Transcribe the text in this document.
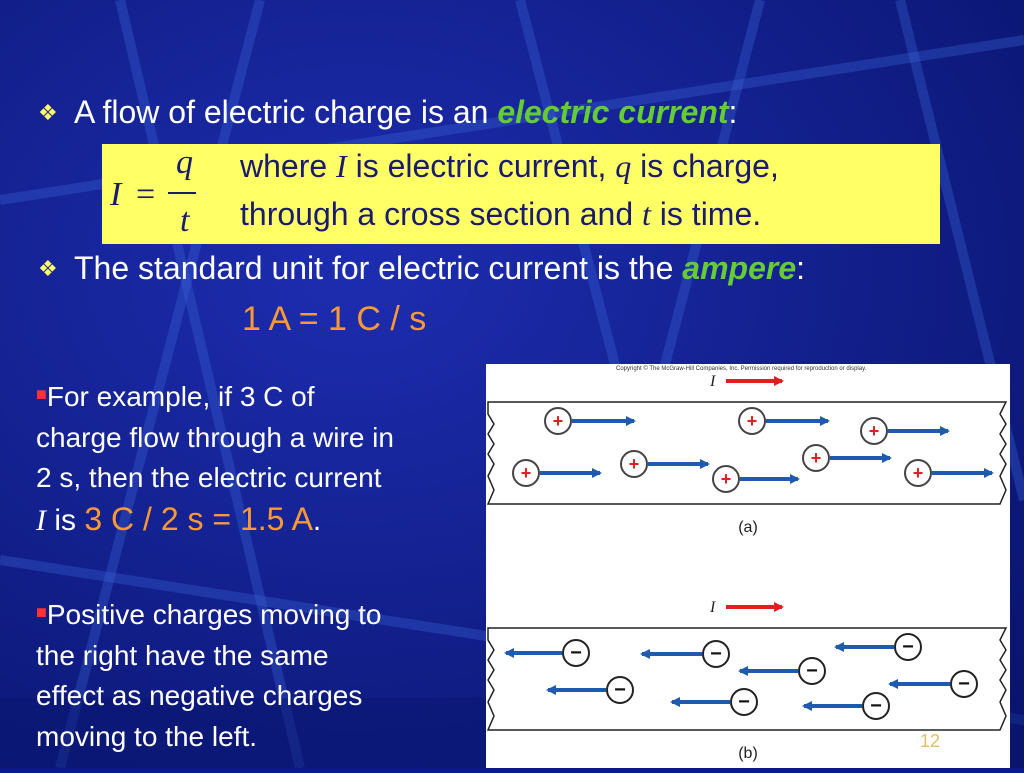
❖ A flow of electric charge is an electric current:
I =
q
t
where I is electric current, q is charge,
through a cross section and t is time.
❖ The standard unit for electric current is the ampere:
1 A = 1 C / s
■For example, if 3 C of
charge flow through a wire in
2 s, then the electric current
I is 3 C / 2 s = 1.5 A.
■Positive charges moving to
the right have the same
effect as negative charges
moving to the left.
Copyright © The McGraw-Hill Companies, Inc. Permission required for reproduction or display.
I
+	+	+
+	+
+	+	+
(a)
I
−	−	−
−
−	−
−	−
(b)
12
